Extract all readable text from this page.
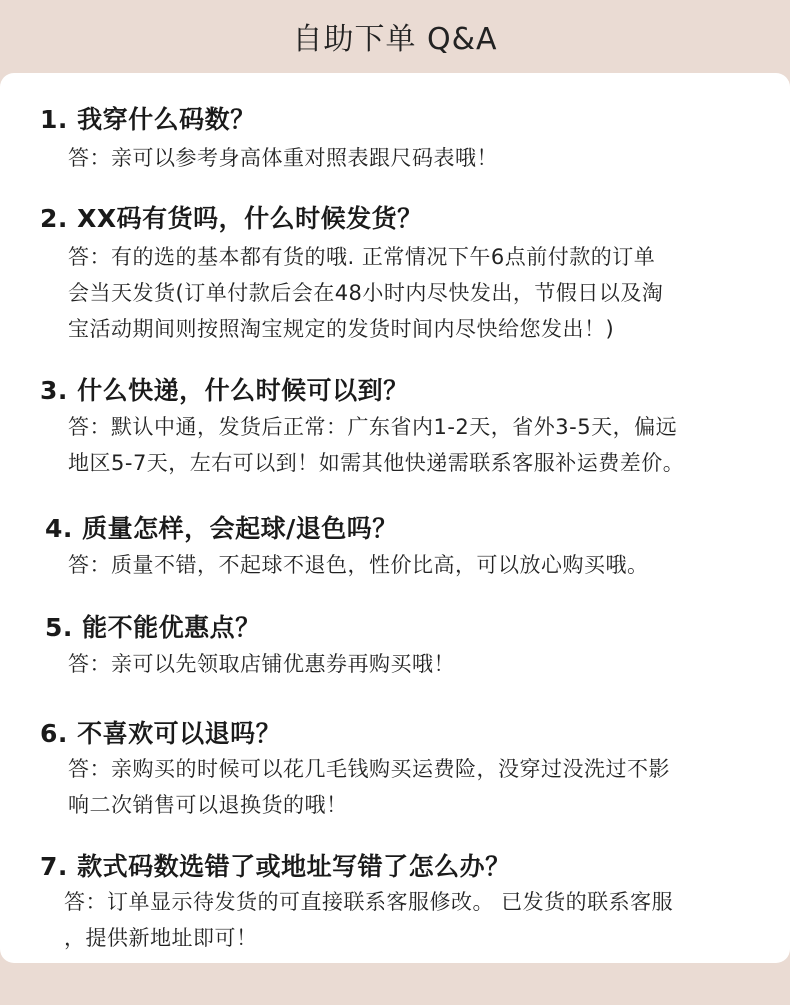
自助下单 Q&A
1. 我穿什么码数？
答：亲可以参考身高体重对照表跟尺码表哦！
2. XX码有货吗，什么时候发货？
答：有的选的基本都有货的哦. 正常情况下午6点前付款的订单
会当天发货(订单付款后会在48小时内尽快发出，节假日以及淘
宝活动期间则按照淘宝规定的发货时间内尽快给您发出！)
3. 什么快递，什么时候可以到？
答：默认中通，发货后正常：广东省内1-2天，省外3-5天，偏远
地区5-7天，左右可以到！如需其他快递需联系客服补运费差价。
4. 质量怎样，会起球/退色吗？
答：质量不错，不起球不退色，性价比高，可以放心购买哦。
5. 能不能优惠点？
答：亲可以先领取店铺优惠券再购买哦！
6. 不喜欢可以退吗？
答：亲购买的时候可以花几毛钱购买运费险，没穿过没洗过不影
响二次销售可以退换货的哦！
7. 款式码数选错了或地址写错了怎么办？
答：订单显示待发货的可直接联系客服修改。 已发货的联系客服
，提供新地址即可！
